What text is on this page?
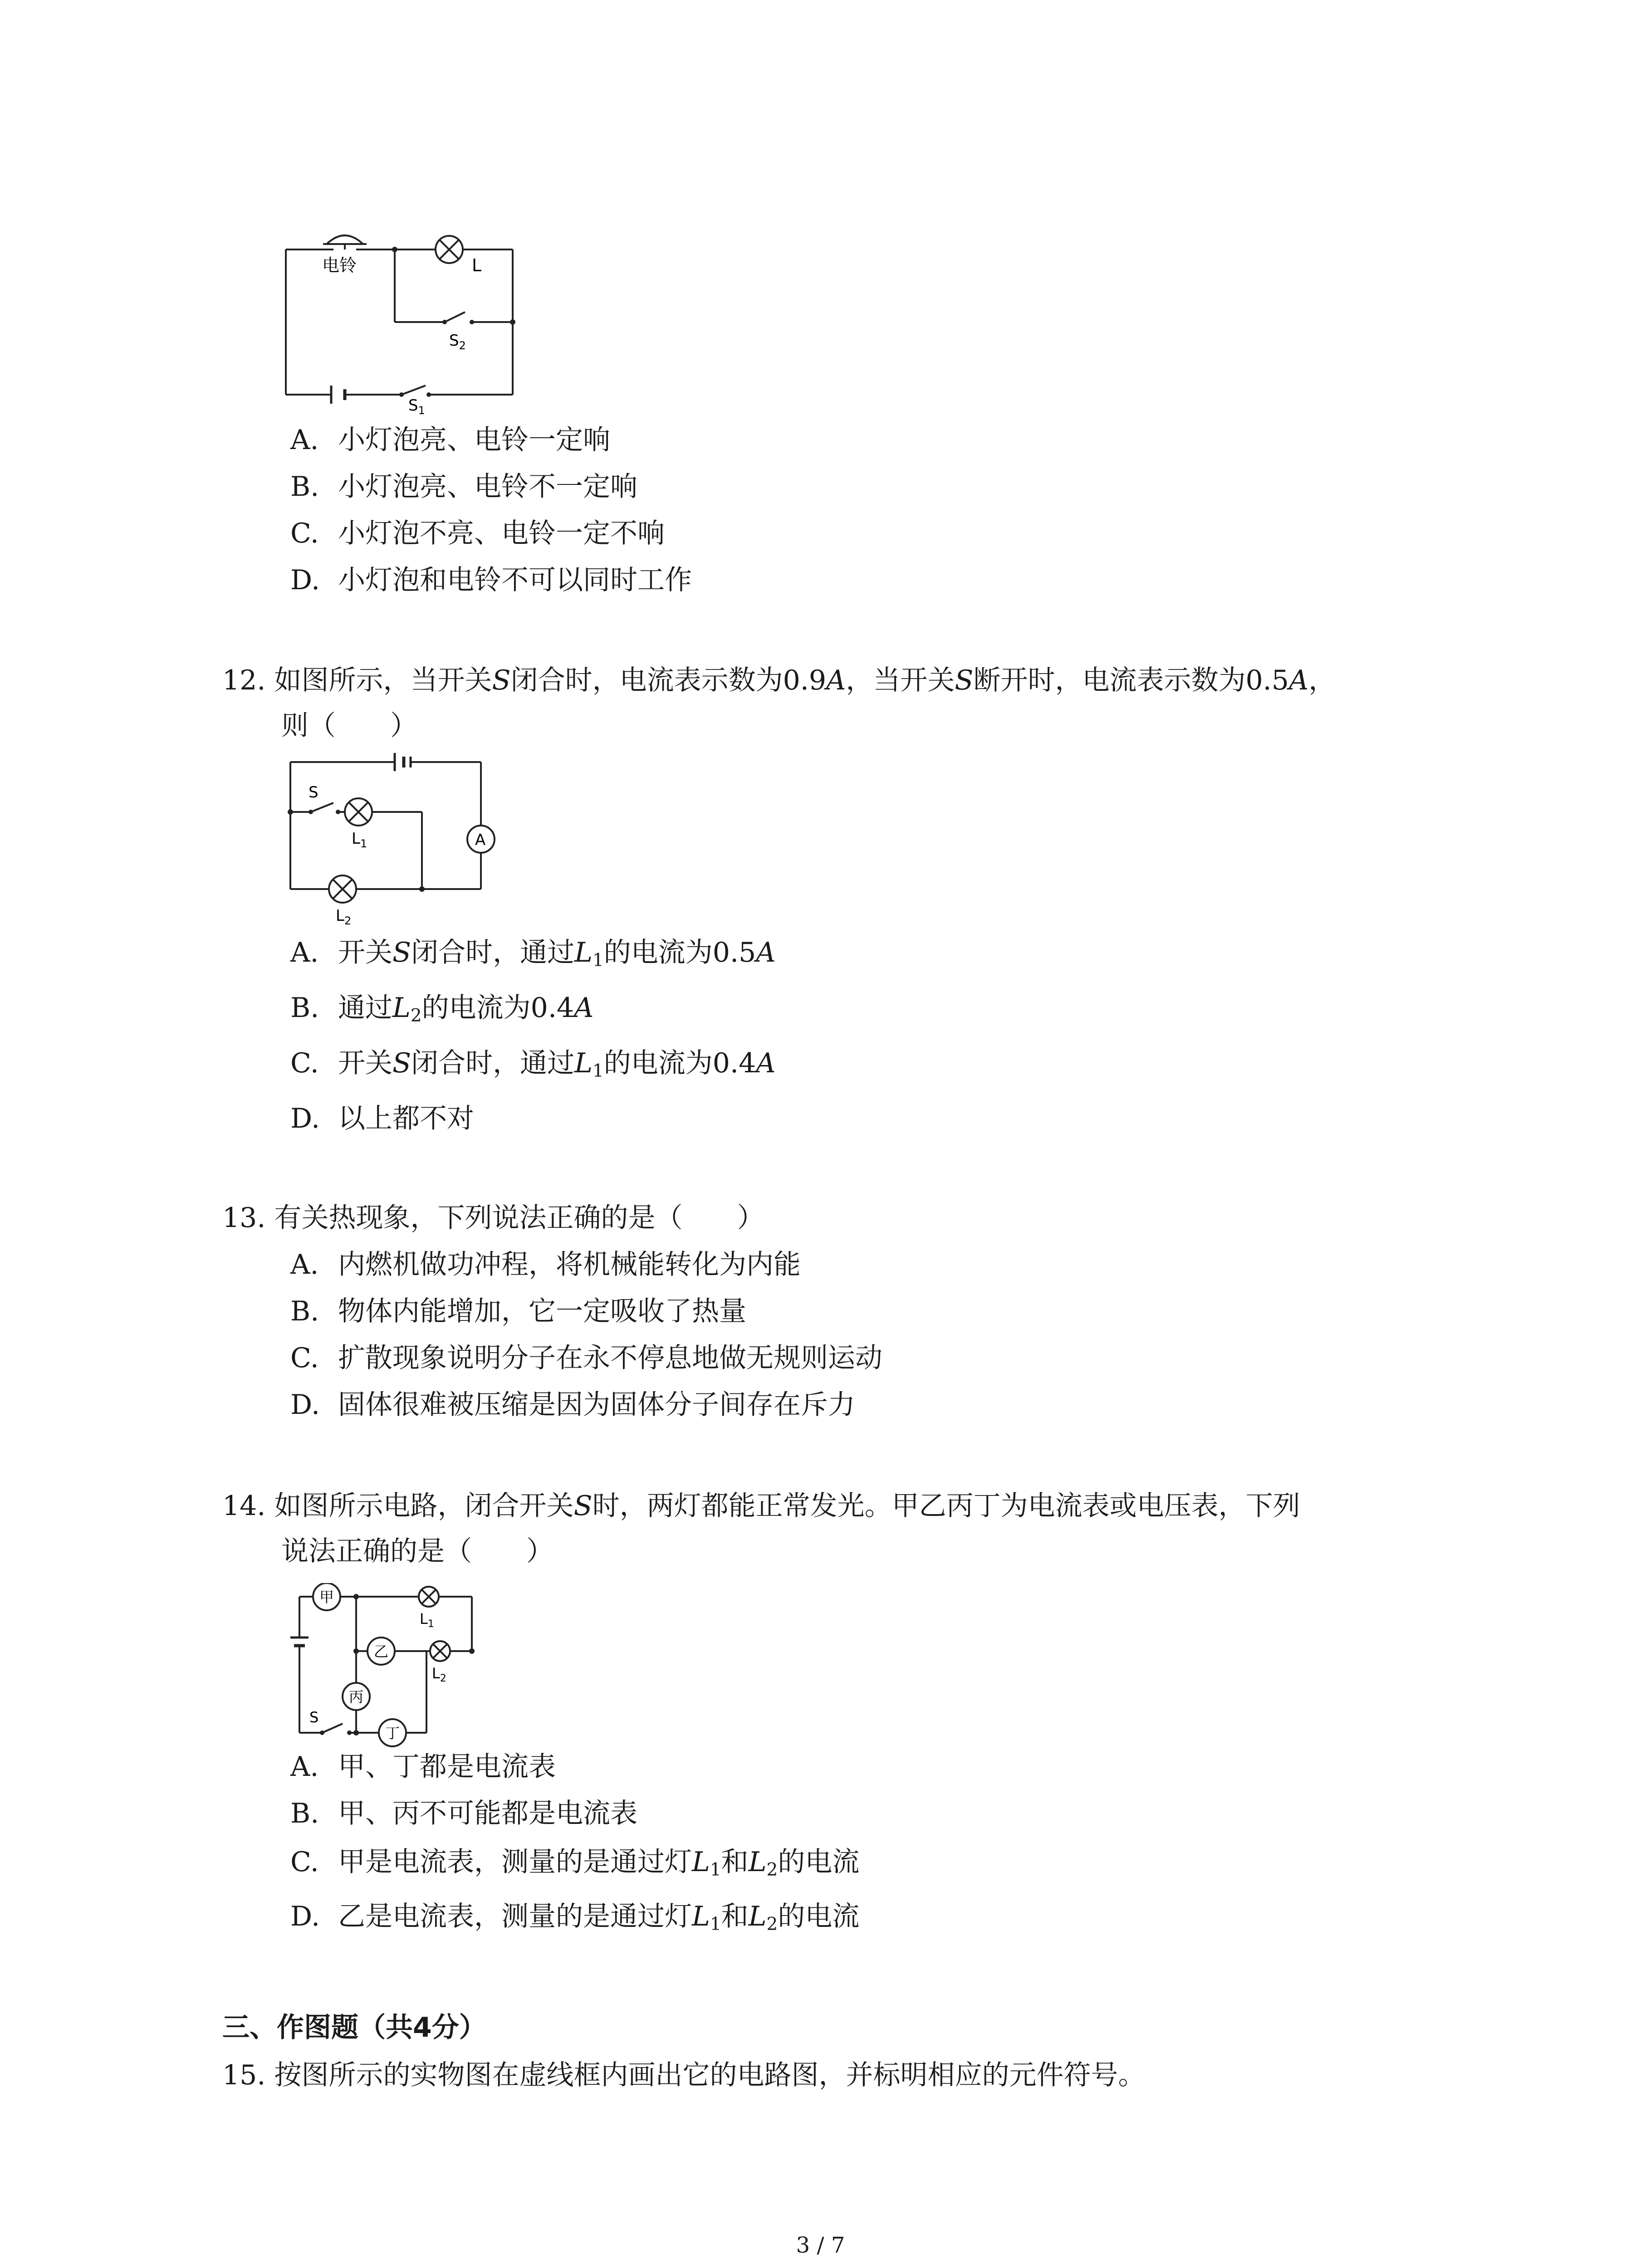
电铃	L
$S_2$
$S_1$
A. 小灯泡亮、电铃一定响
B. 小灯泡亮、电铃不一定响
C. 小灯泡不亮、电铃一定不响
D. 小灯泡和电铃不可以同时工作
12. 如图所示，当开关S闭合时，电流表示数为0.9A，当开关S断开时，电流表示数为0.5A，
则（　　）
S
$L_1$
$L_2$
A
A. 开关S闭合时，通过$L_1$的电流为0.5A
B. 通过$L_2$的电流为0.4A
C. 开关S闭合时，通过$L_1$的电流为0.4A
D. 以上都不对
13. 有关热现象，下列说法正确的是（　　）
A. 内燃机做功冲程，将机械能转化为内能
B. 物体内能增加，它一定吸收了热量
C. 扩散现象说明分子在永不停息地做无规则运动
D. 固体很难被压缩是因为固体分子间存在斥力
14. 如图所示电路，闭合开关S时，两灯都能正常发光。甲乙丙丁为电流表或电压表，下列
说法正确的是（　　）
甲
乙
丙
丁
S
$L_1$
$L_2$
A. 甲、丁都是电流表
B. 甲、丙不可能都是电流表
C. 甲是电流表，测量的是通过灯$L_1$和$L_2$的电流
D. 乙是电流表，测量的是通过灯$L_1$和$L_2$的电流
三、作图题（共4分）
15. 按图所示的实物图在虚线框内画出它的电路图，并标明相应的元件符号。
3 / 7
